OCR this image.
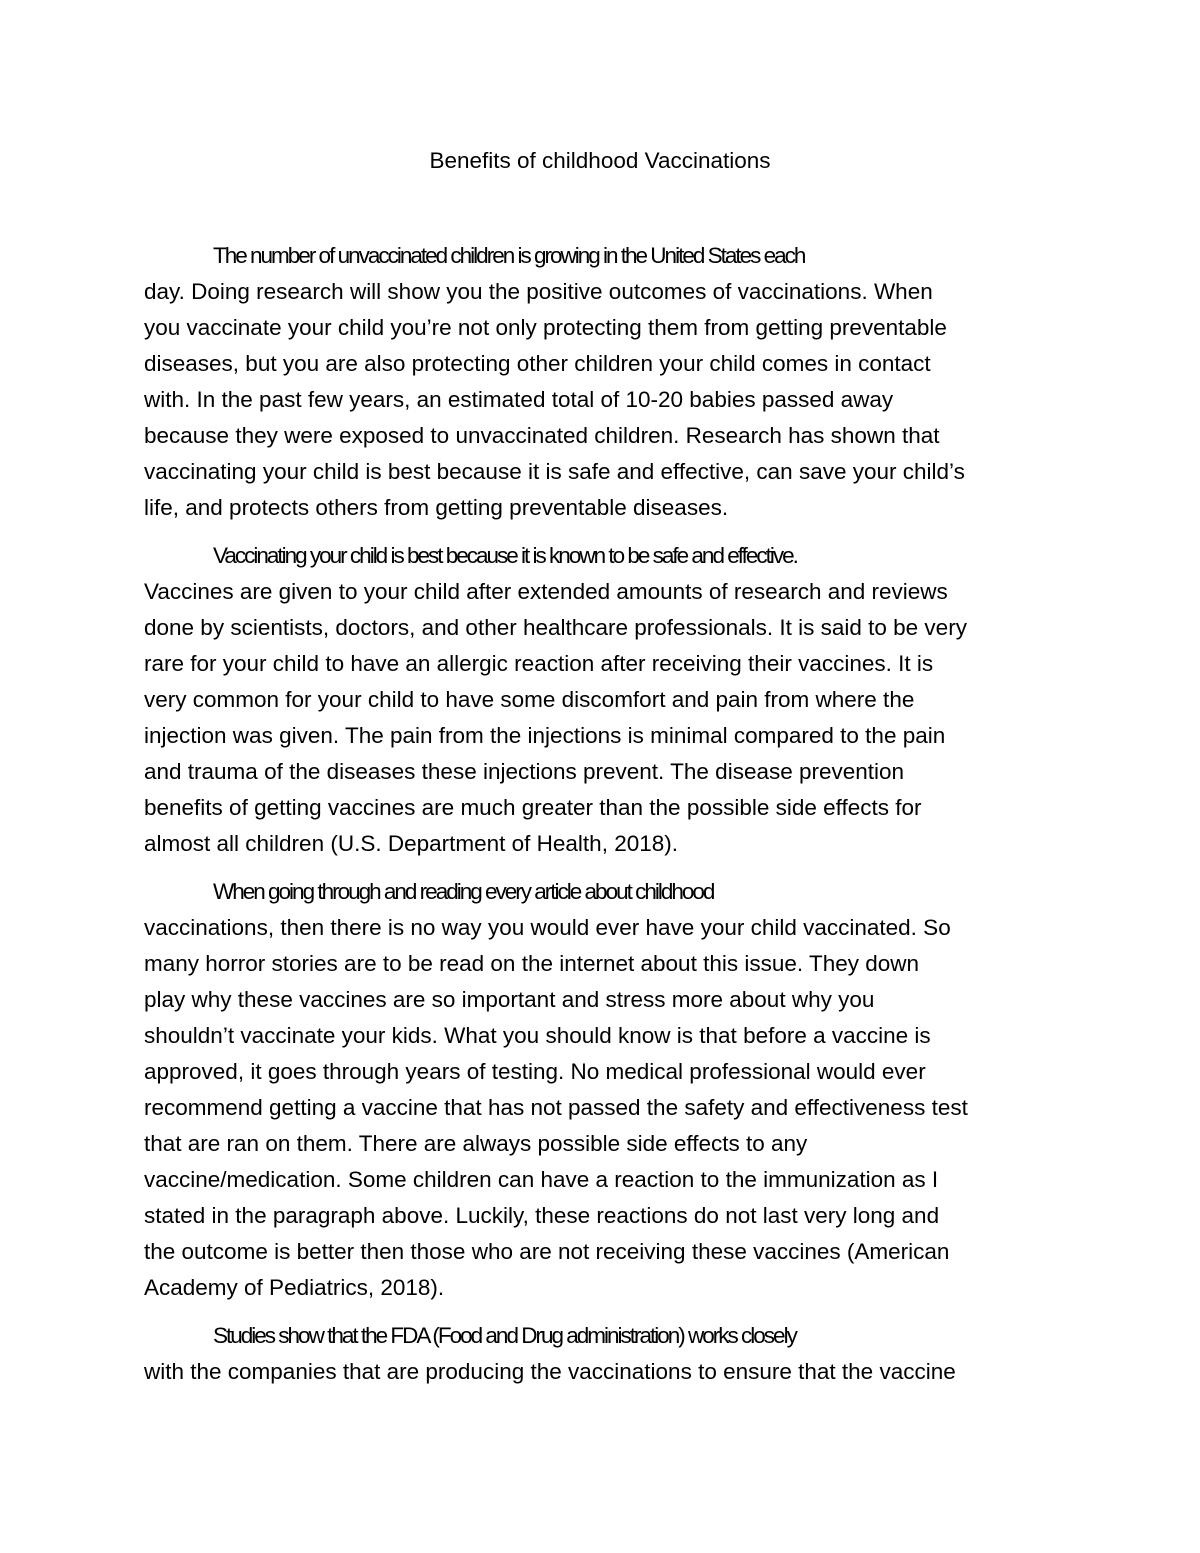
Benefits of childhood Vaccinations

The number of unvaccinated children is growing in the United States each
day. Doing research will show you the positive outcomes of vaccinations. When
you vaccinate your child you’re not only protecting them from getting preventable
diseases, but you are also protecting other children your child comes in contact
with. In the past few years, an estimated total of 10-20 babies passed away
because they were exposed to unvaccinated children. Research has shown that
vaccinating your child is best because it is safe and effective, can save your child’s
life, and protects others from getting preventable diseases.

Vaccinating your child is best because it is known to be safe and effective.
Vaccines are given to your child after extended amounts of research and reviews
done by scientists, doctors, and other healthcare professionals. It is said to be very
rare for your child to have an allergic reaction after receiving their vaccines. It is
very common for your child to have some discomfort and pain from where the
injection was given. The pain from the injections is minimal compared to the pain
and trauma of the diseases these injections prevent. The disease prevention
benefits of getting vaccines are much greater than the possible side effects for
almost all children (U.S. Department of Health, 2018).

When going through and reading every article about childhood
vaccinations, then there is no way you would ever have your child vaccinated. So
many horror stories are to be read on the internet about this issue. They down
play why these vaccines are so important and stress more about why you
shouldn’t vaccinate your kids. What you should know is that before a vaccine is
approved, it goes through years of testing. No medical professional would ever
recommend getting a vaccine that has not passed the safety and effectiveness test
that are ran on them. There are always possible side effects to any
vaccine/medication. Some children can have a reaction to the immunization as I
stated in the paragraph above. Luckily, these reactions do not last very long and
the outcome is better then those who are not receiving these vaccines (American
Academy of Pediatrics, 2018).

Studies show that the FDA (Food and Drug administration) works closely
with the companies that are producing the vaccinations to ensure that the vaccine
